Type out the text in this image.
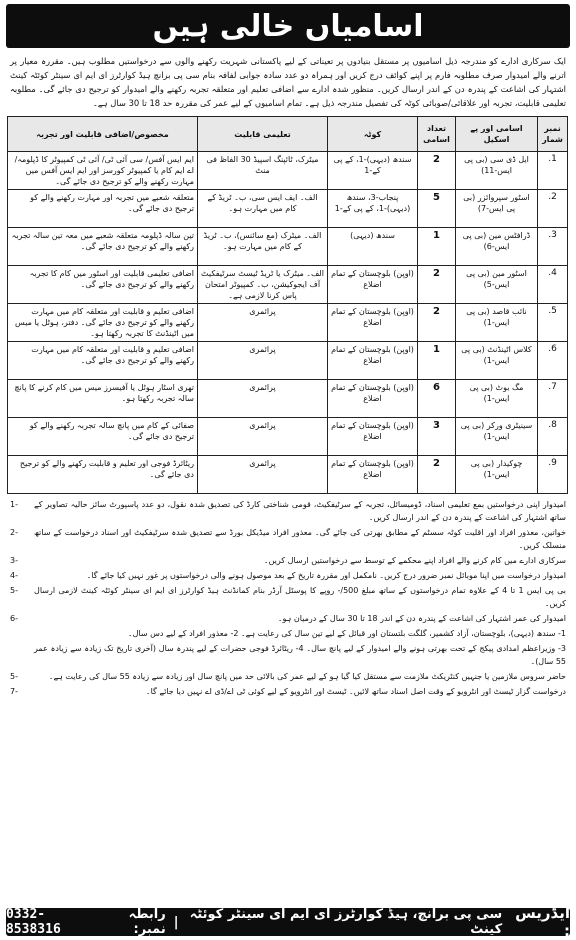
اسامیاں خالی ہیں
ایک سرکاری ادارے کو مندرجہ ذیل اسامیوں پر مستقل بنیادوں پر تعیناتی کے لیے پاکستانی شہریت رکھنے والوں سے درخواستیں مطلوب ہیں۔ مقررہ معیار پر اترنے والے امیدوار صرف مطلوبہ فارم پر اپنے کوائف درج کریں اور ہمراہ دو عدد سادہ جوابی لفافہ بنام سی پی برانچ ہیڈ کوارٹرز ای ایم ای سینٹر کوئٹہ کینٹ اشتہار کی اشاعت کے پندرہ دن کے اندر ارسال کریں۔ منظور شدہ ادارے سے اضافی تعلیم اور متعلقہ تجربہ رکھنے والے امیدوار کو ترجیح دی جائے گی۔ مطلوبہ تعلیمی قابلیت، تجربہ اور علاقائی/صوبائی کوٹہ کی تفصیل مندرجہ ذیل ہے۔ تمام اسامیوں کے لیے عمر کی مقررہ حد 18 تا 30 سال ہے۔
نمبر شمار	اسامی اور پے اسکیل	تعداد اسامی	کوٹہ	تعلیمی قابلیت	مخصوص/اضافی قابلیت اور تجربہ
1.	ایل ڈی سی (بی پی ایس-11)	2	سندھ (دیہی)-1، کے پی کے-1	میٹرک، ٹائپنگ اسپیڈ 30 الفاظ فی منٹ	ایم ایس آفس/ سی آئی ٹی/ آئی ٹی کمپیوٹر کا ڈپلومہ/ اے ایم کام یا کمپیوٹر کورسز اور ایم ایس آفس میں مہارت رکھنے والے کو ترجیح دی جائے گی۔
2.	اسٹور سپروائزر (بی پی ایس-7)	5	پنجاب-3، سندھ (دیہی)-1، کے پی کے-1	الف۔ ایف ایس سی، ب۔ ٹریڈ کے کام میں مہارت ہو۔	متعلقہ شعبے میں تجربہ اور مہارت رکھنے والے کو ترجیح دی جائے گی۔
3.	ڈرافٹس مین (بی پی ایس-6)	1	سندھ (دیہی)	الف۔ میٹرک (مع سائنس)، ب۔ ٹریڈ کے کام میں مہارت ہو۔	تین سالہ ڈپلومہ متعلقہ شعبے میں معہ تین سالہ تجربہ رکھنے والے کو ترجیح دی جائے گی۔
4.	اسٹور مین (بی پی ایس-5)	2	(اوپن) بلوچستان کے تمام اضلاع	الف۔ میٹرک یا ٹریڈ ٹیسٹ سرٹیفکیٹ آف ایجوکیشن، ب۔ کمپیوٹر امتحان پاس کرنا لازمی ہے۔	اضافی تعلیمی قابلیت اور اسٹور میں کام کا تجربہ رکھنے والے کو ترجیح دی جائے گی۔
5.	نائب قاصد (بی پی ایس-1)	2	(اوپن) بلوچستان کے تمام اضلاع	پرائمری	اضافی تعلیم و قابلیت اور متعلقہ کام میں مہارت رکھنے والے کو ترجیح دی جائے گی۔ دفتر، ہوٹل یا میس میں اٹینڈنٹ کا تجربہ رکھتا ہو۔
6.	کلاس اٹینڈنٹ (بی پی ایس-1)	1	(اوپن) بلوچستان کے تمام اضلاع	پرائمری	اضافی تعلیم و قابلیت اور متعلقہ کام میں مہارت رکھنے والے کو ترجیح دی جائے گی۔
7.	مگ بوٹ (بی پی ایس-1)	6	(اوپن) بلوچستان کے تمام اضلاع	پرائمری	تھری اسٹار ہوٹل یا آفیسرز میس میں کام کرنے کا پانچ سالہ تجربہ رکھتا ہو۔
8.	سینیٹری ورکر (بی پی ایس-1)	3	(اوپن) بلوچستان کے تمام اضلاع	پرائمری	صفائی کے کام میں پانچ سالہ تجربہ رکھنے والے کو ترجیح دی جائے گی۔
9.	چوکیدار (بی پی ایس-1)	2	(اوپن) بلوچستان کے تمام اضلاع	پرائمری	ریٹائرڈ فوجی اور تعلیم و قابلیت رکھنے والے کو ترجیح دی جائے گی۔
امیدوار اپنی درخواستیں بمع تعلیمی اسناد، ڈومیسائل، تجربہ کے سرٹیفکیٹ، قومی شناختی کارڈ کی تصدیق شدہ نقول، دو عدد پاسپورٹ سائز حالیہ تصاویر کے ساتھ اشتہار کی اشاعت کے پندرہ دن کے اندر ارسال کریں۔
1-
خواتین، معذور افراد اور اقلیت کوٹہ سسٹم کے مطابق بھرتی کی جائے گی۔ معذور افراد میڈیکل بورڈ سے تصدیق شدہ سرٹیفکیٹ اور اسناد درخواست کے ساتھ منسلک کریں۔
2-
سرکاری ادارے میں کام کرنے والے افراد اپنے محکمے کے توسط سے درخواستیں ارسال کریں۔
3-
امیدوار درخواست میں اپنا موبائل نمبر ضرور درج کریں۔ نامکمل اور مقررہ تاریخ کے بعد موصول ہونے والی درخواستوں پر غور نہیں کیا جائے گا۔
4-
بی پی ایس 1 تا 4 کے علاوہ تمام درخواستوں کے ساتھ مبلغ 500/- روپے کا پوسٹل آرڈر بنام کمانڈنٹ ہیڈ کوارٹرز ای ایم ای سینٹر کوئٹہ کینٹ لازمی ارسال کریں۔
5-
امیدوار کی عمر اشتہار کی اشاعت کے پندرہ دن کے اندر 18 تا 30 سال کے درمیان ہو۔
6-
1- سندھ (دیہی)، بلوچستان، آزاد کشمیر، گلگت بلتستان اور قبائل کے لیے تین سال کی رعایت ہے۔ 2- معذور افراد کے لیے دس سال۔
3- وزیراعظم امدادی پیکج کے تحت بھرتی ہونے والے امیدوار کے لیے پانچ سال۔ 4- ریٹائرڈ فوجی حضرات کے لیے پندرہ سال (آخری تاریخ تک زیادہ سے زیادہ عمر 55 سال)۔
حاضر سروس ملازمین یا جنہیں کنٹریکٹ ملازمت سے مستقل کیا گیا ہو کے لیے عمر کی بالائی حد میں پانچ سال اور زیادہ سے زیادہ 55 سال کی رعایت ہے۔
5-
درخواست گزار ٹیسٹ اور انٹرویو کے وقت اصل اسناد ساتھ لائیں۔ ٹیسٹ اور انٹرویو کے لیے کوئی ٹی اے/ڈی اے نہیں دیا جائے گا۔
7-
ایڈریس :
سی پی برانچ، ہیڈ کوارٹرز ای ایم ای سینٹر کوئٹہ کینٹ
|
رابطہ نمبر:
0332-8538316
